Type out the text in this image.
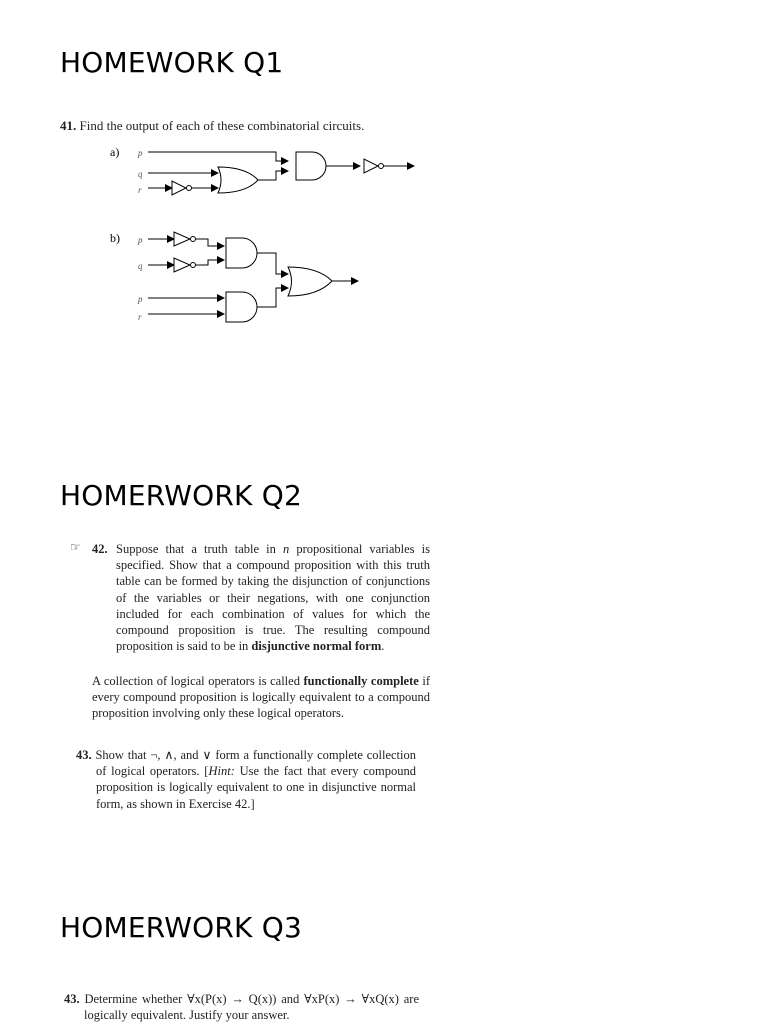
HOMEWORK Q1
41. Find the output of each of these combinatorial circuits.
a) p
q
r
b) p
q
p
r
HOMERWORK Q2
☞ 42. Suppose that a truth table in n propositional variables is specified. Show that a compound proposition with this truth table can be formed by taking the disjunction of conjunctions of the variables or their negations, with one conjunction included for each combination of values for which the compound proposition is true. The resulting compound proposition is said to be in disjunctive normal form.
A collection of logical operators is called functionally complete if every compound proposition is logically equivalent to a compound proposition involving only these logical operators.
43. Show that ¬, ∧, and ∨ form a functionally complete collection of logical operators. [Hint: Use the fact that every compound proposition is logically equivalent to one in disjunctive normal form, as shown in Exercise 42.]
HOMERWORK Q3
43. Determine whether ∀x(P(x) → Q(x)) and ∀xP(x) → ∀xQ(x) are logically equivalent. Justify your answer.
